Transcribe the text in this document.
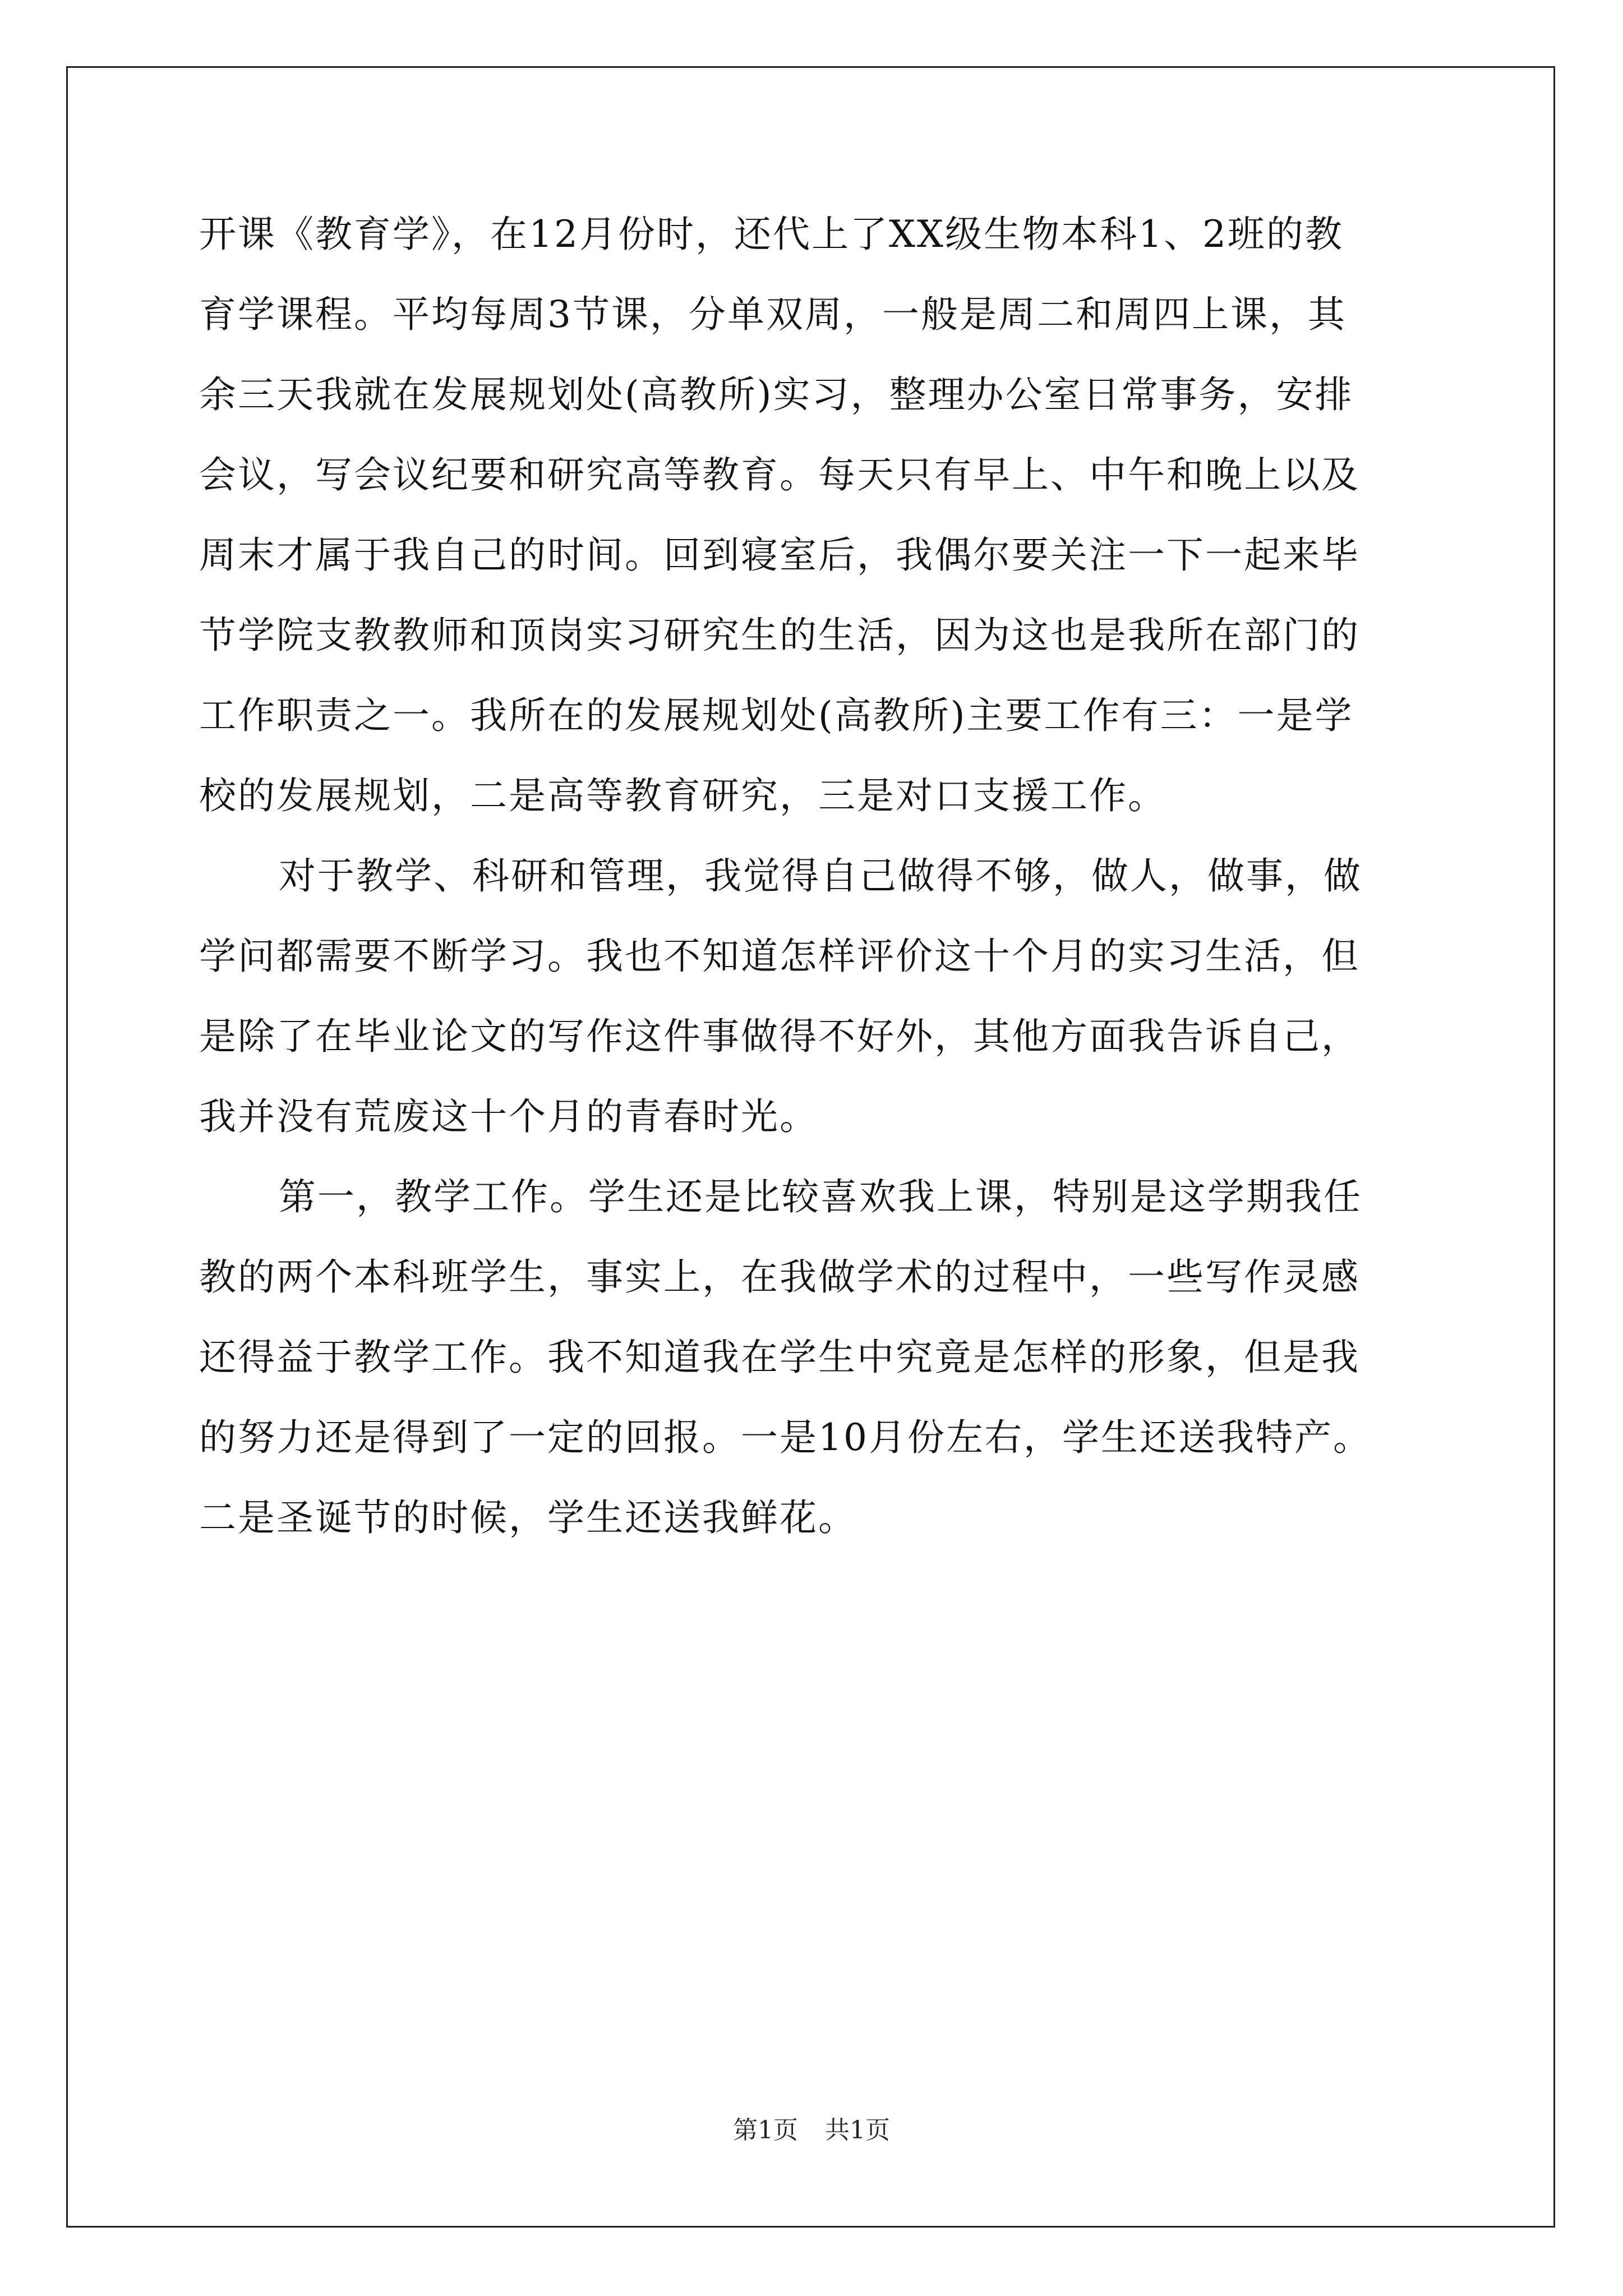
开课《教育学》，在12月份时，还代上了XX级生物本科1、2班的教
育学课程。平均每周3节课，分单双周，一般是周二和周四上课，其
余三天我就在发展规划处(高教所)实习，整理办公室日常事务，安排
会议，写会议纪要和研究高等教育。每天只有早上、中午和晚上以及
周末才属于我自己的时间。回到寝室后，我偶尔要关注一下一起来毕
节学院支教教师和顶岗实习研究生的生活，因为这也是我所在部门的
工作职责之一。我所在的发展规划处(高教所)主要工作有三：一是学
校的发展规划，二是高等教育研究，三是对口支援工作。
对于教学、科研和管理，我觉得自己做得不够，做人，做事，做
学问都需要不断学习。我也不知道怎样评价这十个月的实习生活，但
是除了在毕业论文的写作这件事做得不好外，其他方面我告诉自己，
我并没有荒废这十个月的青春时光。
第一，教学工作。学生还是比较喜欢我上课，特别是这学期我任
教的两个本科班学生，事实上，在我做学术的过程中，一些写作灵感
还得益于教学工作。我不知道我在学生中究竟是怎样的形象，但是我
的努力还是得到了一定的回报。一是10月份左右，学生还送我特产。
二是圣诞节的时候，学生还送我鲜花。
第1页 共1页
